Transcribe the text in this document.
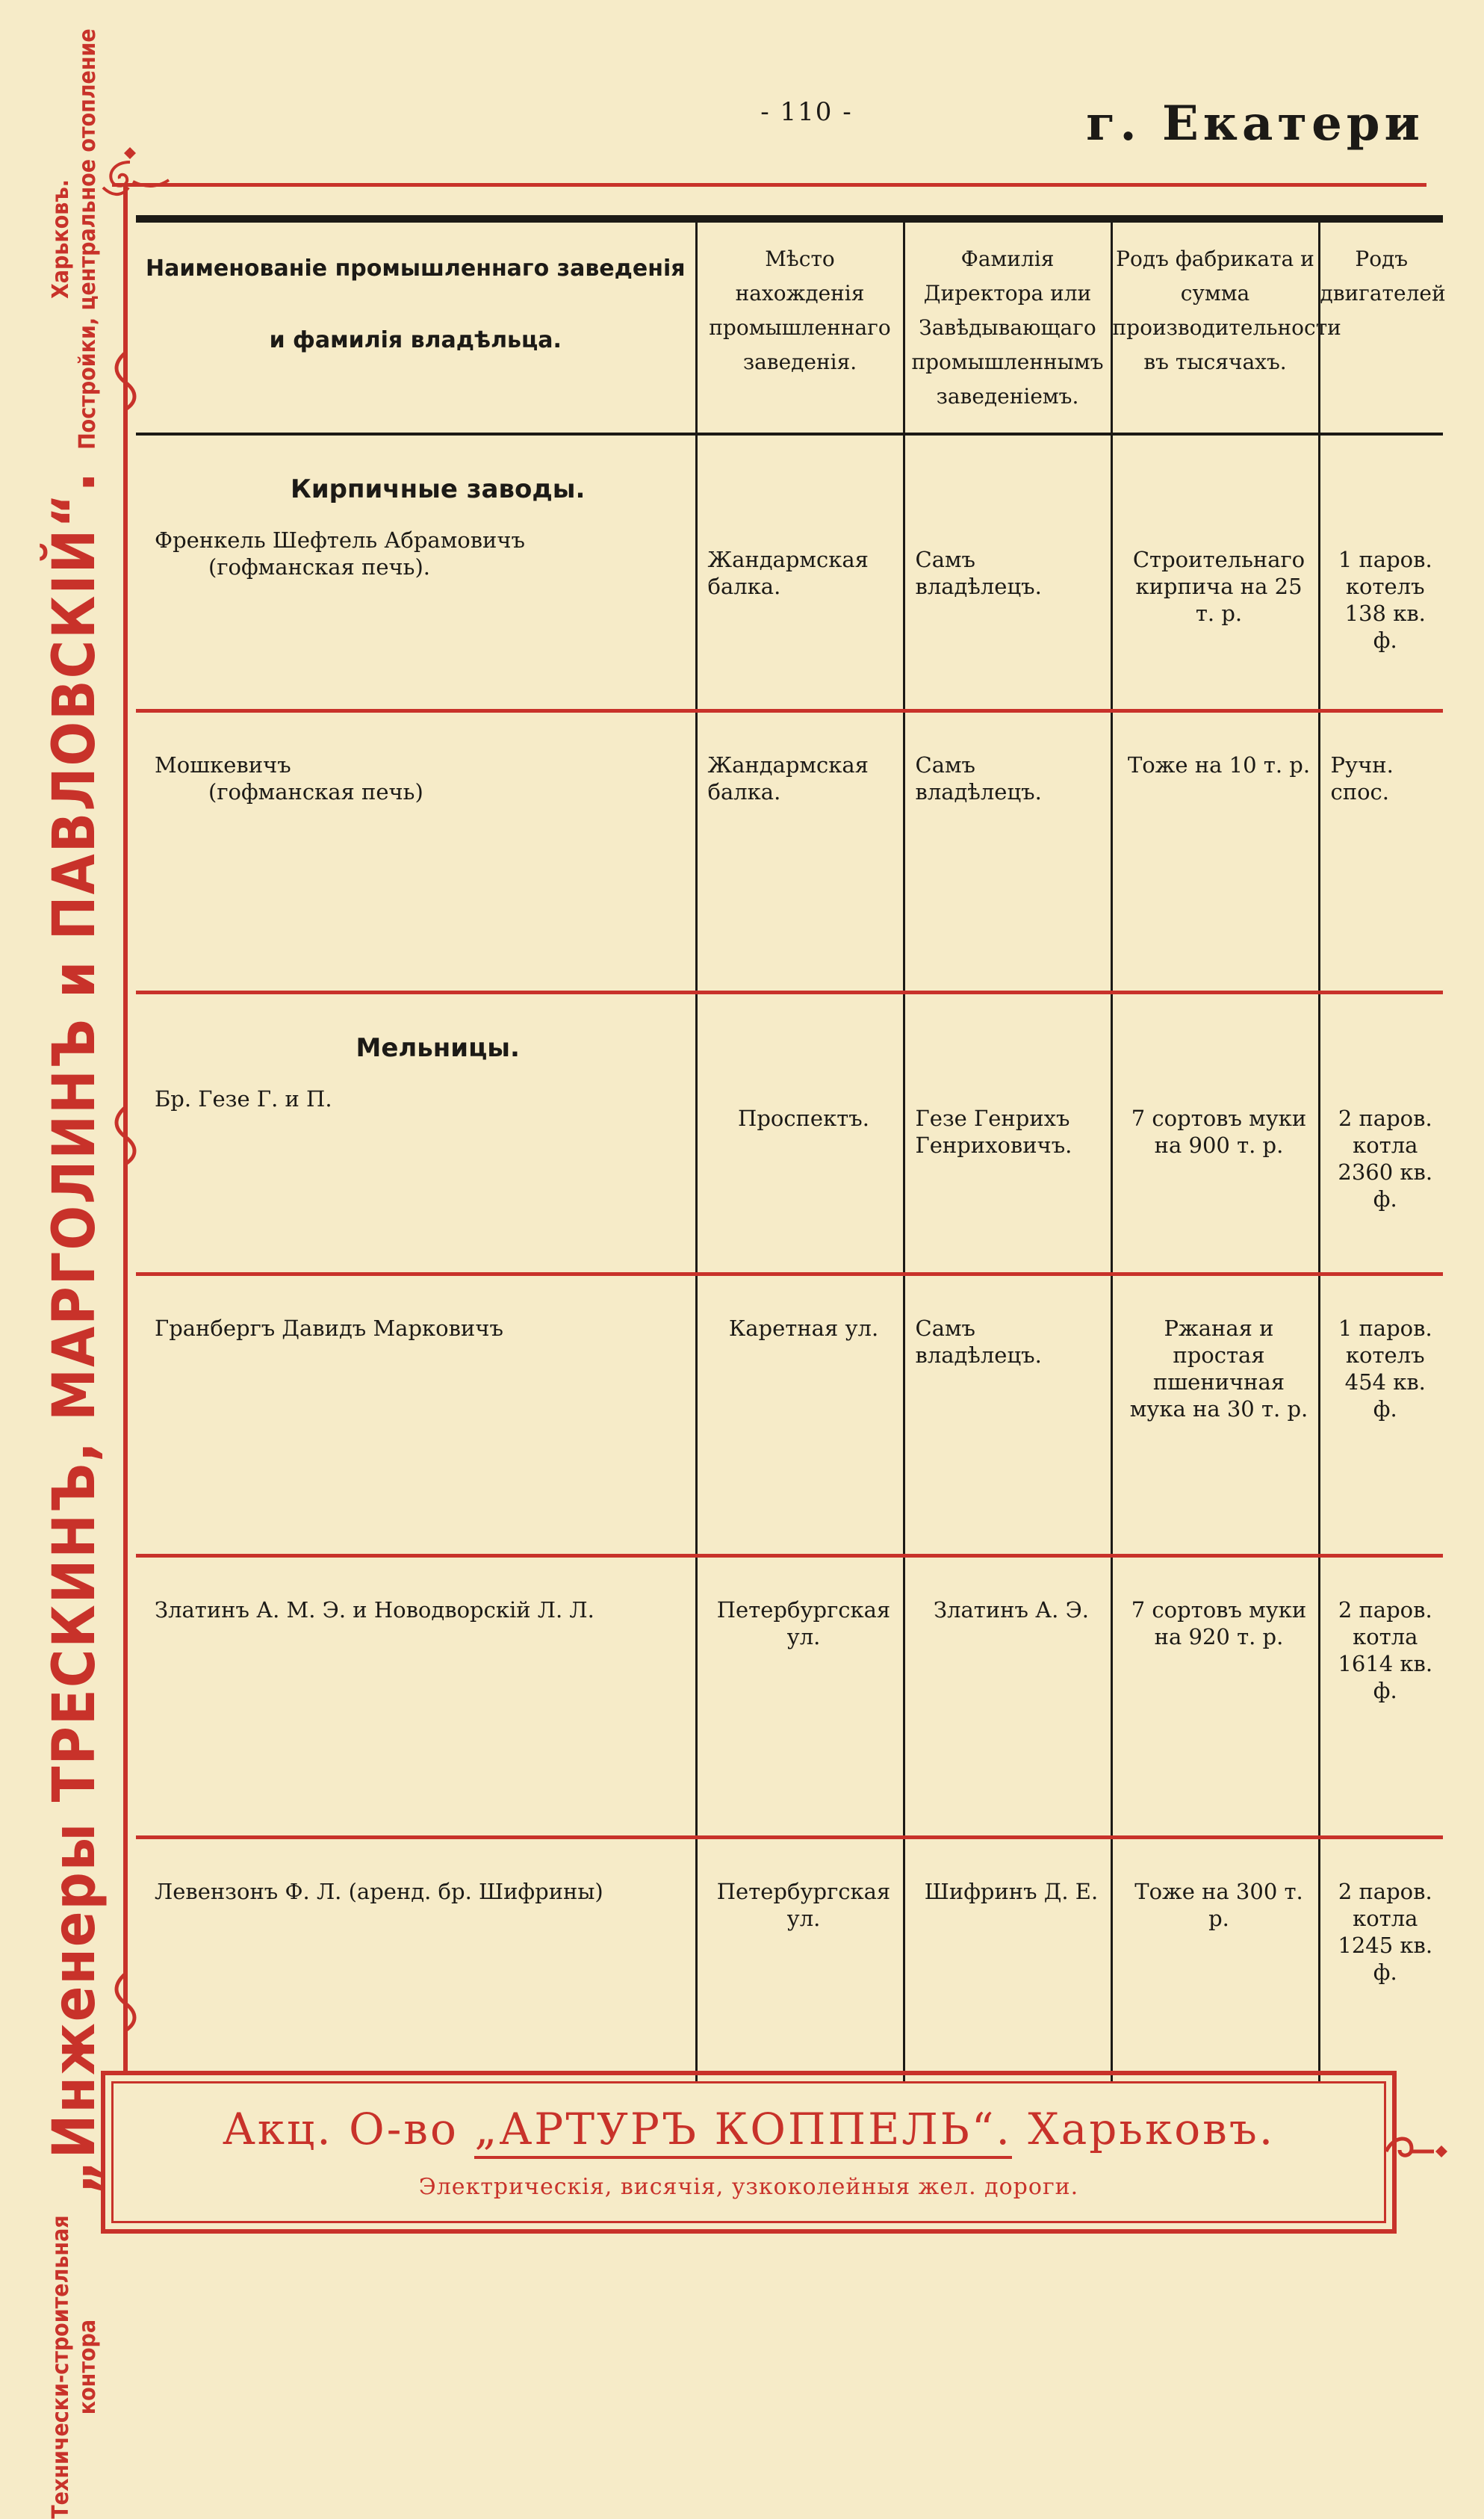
- 110 -	г. Екатери
Технически-строительная контора
„Инженеры ТРЕСКИНЪ, МАРГОЛИНЪ и ПАВЛОВСКІЙ“.
Харьковъ. Постройки, центральное отопление	Наименованіе промышленнаго заведенія
и фамилія владѣльца.	Мѣсто нахожденія промышленнаго заведенія.	Фамилія Директора или Завѣдывающаго промышленнымъ заведеніемъ.	Родъ фабриката и сумма производительности въ тысячахъ.	Родъ двигателей

Кирпичные заводы.
Френкель Шефтель Абрамовичъ
(гофманская печь).	Жандармская балка.	Самъ владѣлецъ.	Строительнаго кирпича на 25 т. р.	1 паров. котелъ 138 кв. ф.

Мошкевичъ
(гофманская печь)	Жандармская балка.	Самъ владѣлецъ.	Тоже на 10 т. р.	Ручн. спос.

Мельницы.
Бр. Гезе Г. и П.	Проспектъ.	Гезе Генрихъ Генриховичъ.	7 сортовъ муки на 900 т. р.	2 паров. котла 2360 кв. ф.

Гранбергъ Давидъ Марковичъ	Каретная ул.	Самъ владѣлецъ.	Ржаная и простая пшеничная мука на 30 т. р.	1 паров. котелъ 454 кв. ф.

Златинъ А. М. Э. и Новодворскій Л. Л.	Петербургская ул.	Златинъ А. Э.	7 сортовъ муки на 920 т. р.	2 паров. котла 1614 кв. ф.

Левензонъ Ф. Л. (аренд. бр. Шифрины)	Петербургская ул.	Шифринъ Д. Е.	Тоже на 300 т. р.	2 паров. котла 1245 кв. ф.
Акц. О-во „АРТУРЪ КОППЕЛЬ“. Харьковъ.
Электрическія, висячія, узкоколейныя жел. дороги.
